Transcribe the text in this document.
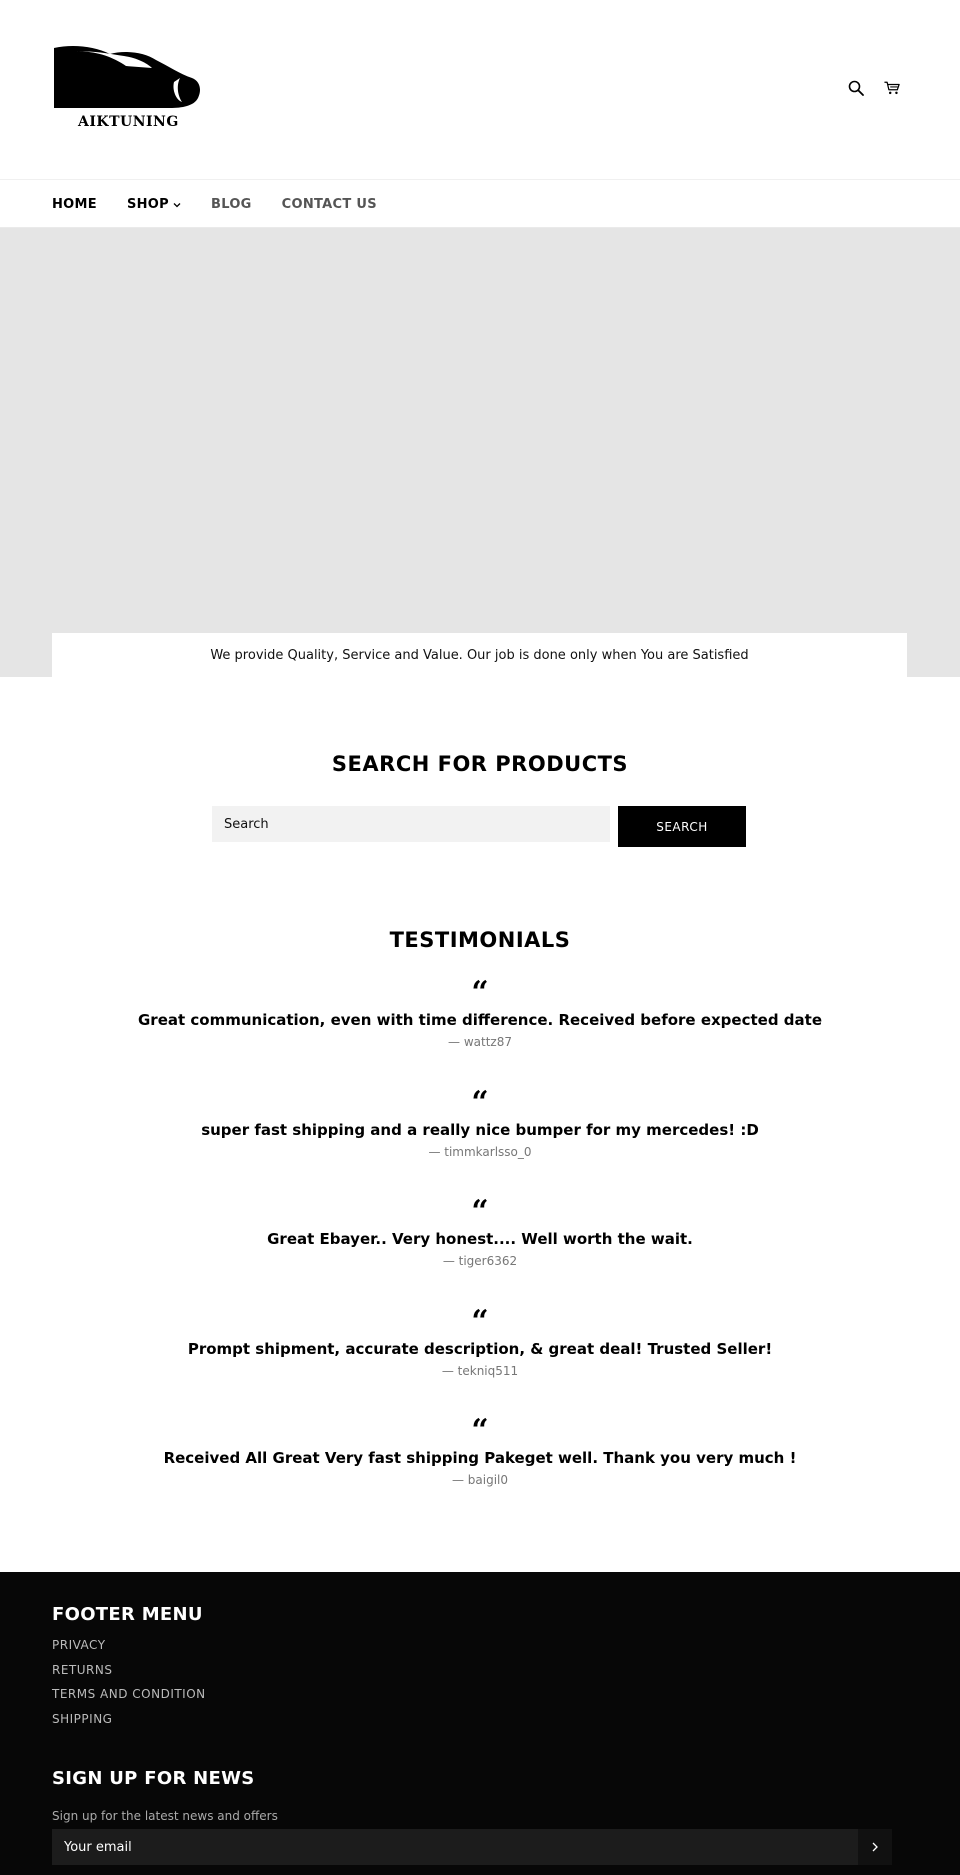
AIKTUNING
HOME SHOP	BLOG CONTACT US
We provide Quality, Service and Value. Our job is done only when You are Satisfied
SEARCH FOR PRODUCTS
Search
SEARCH
TESTIMONIALS
“
Great communication, even with time difference. Received before expected date
— wattz87
“
super fast shipping and a really nice bumper for my mercedes! :D
— timmkarlsso_0
“
Great Ebayer.. Very honest.... Well worth the wait.
— tiger6362
“
Prompt shipment, accurate description, & great deal! Trusted Seller!
— tekniq511
“
Received All Great Very fast shipping Pakeget well. Thank you very much !
— baigil0
FOOTER MENU
PRIVACY
RETURNS
TERMS AND CONDITION
SHIPPING
SIGN UP FOR NEWS

Sign up for the latest news and offers

Your email
